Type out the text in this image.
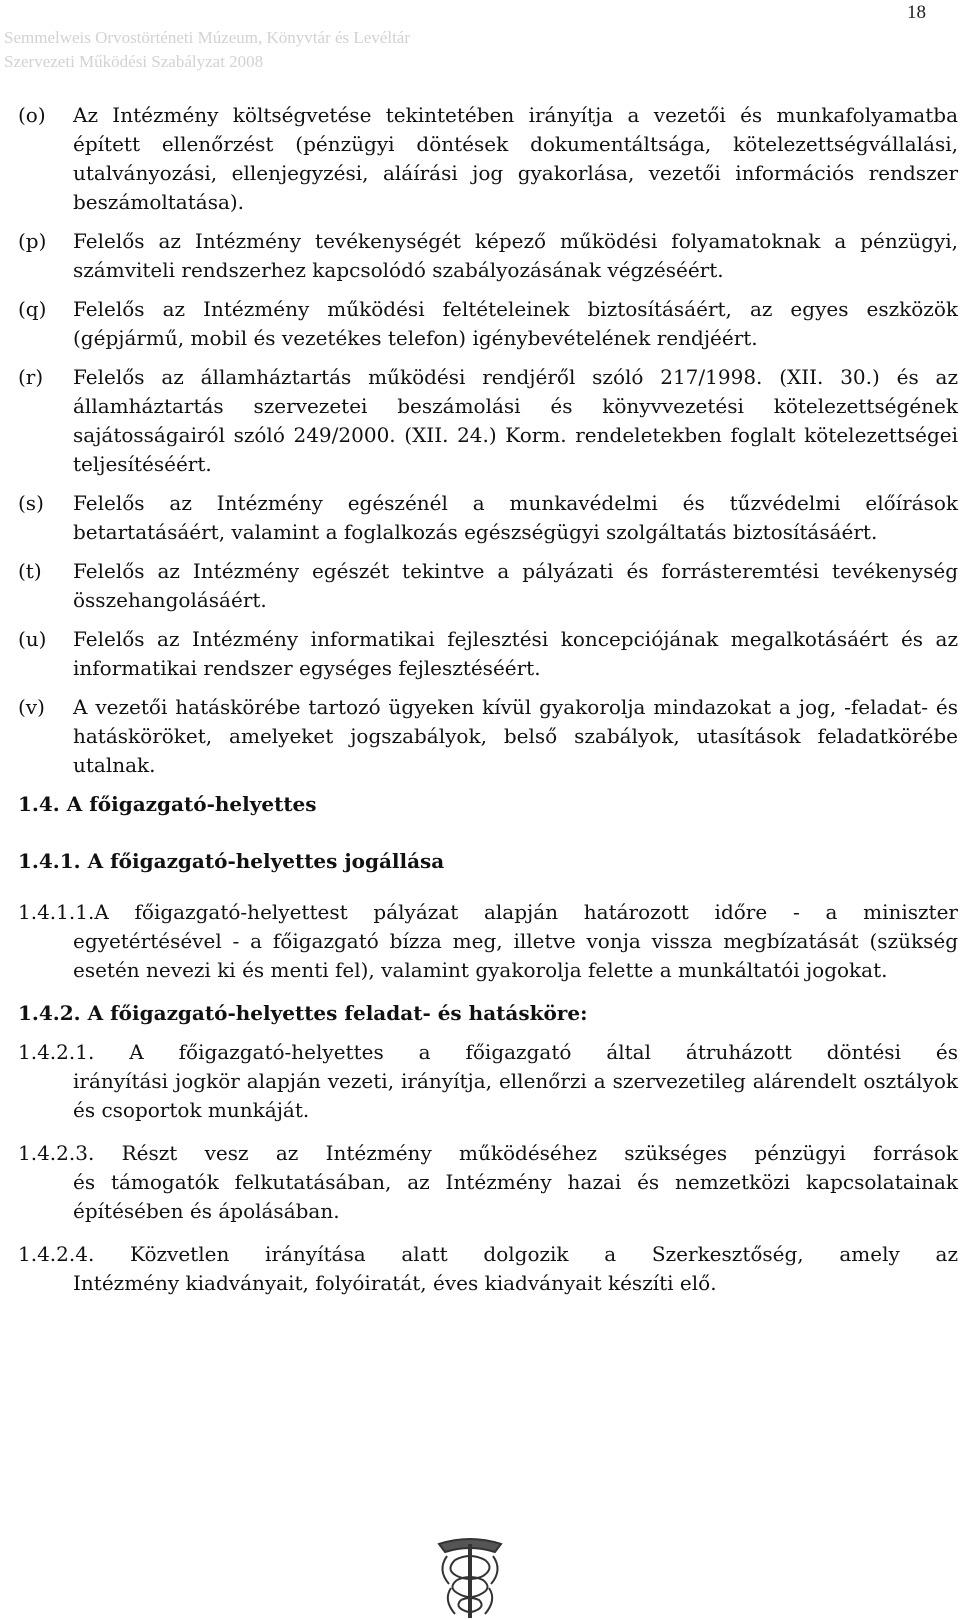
18
Semmelweis Orvostörténeti Múzeum, Könyvtár és Levéltár
Szervezeti Működési Szabályzat 2008
(o) Az Intézmény költségvetése tekintetében irányítja a vezetői és munkafolyamatba épített ellenőrzést (pénzügyi döntések dokumentáltsága, kötelezettségvállalási, utalványozási, ellenjegyzési, aláírási jog gyakorlása, vezetői információs rendszer beszámoltatása).
(p) Felelős az Intézmény tevékenységét képező működési folyamatoknak a pénzügyi, számviteli rendszerhez kapcsolódó szabályozásának végzéséért.
(q) Felelős az Intézmény működési feltételeinek biztosításáért, az egyes eszközök (gépjármű, mobil és vezetékes telefon) igénybevételének rendjéért.
(r) Felelős az államháztartás működési rendjéről szóló 217/1998. (XII. 30.) és az államháztartás szervezetei beszámolási és könyvvezetési kötelezettségének sajátosságairól szóló 249/2000. (XII. 24.) Korm. rendeletekben foglalt kötelezettségei teljesítéséért.
(s) Felelős az Intézmény egészénél a munkavédelmi és tűzvédelmi előírások betartatásáért, valamint a foglalkozás egészségügyi szolgáltatás biztosításáért.
(t) Felelős az Intézmény egészét tekintve a pályázati és forrásteremtési tevékenység összehangolásáért.
(u) Felelős az Intézmény informatikai fejlesztési koncepciójának megalkotásáért és az informatikai rendszer egységes fejlesztéséért.
(v) A vezetői hatáskörébe tartozó ügyeken kívül gyakorolja mindazokat a jog, -feladat- és hatásköröket, amelyeket jogszabályok, belső szabályok, utasítások feladatkörébe utalnak.
1.4. A főigazgató-helyettes
1.4.1. A főigazgató-helyettes jogállása
1.4.1.1.A főigazgató-helyettest pályázat alapján határozott időre - a miniszter
egyetértésével - a főigazgató bízza meg, illetve vonja vissza megbízatását (szükség esetén nevezi ki és menti fel), valamint gyakorolja felette a munkáltatói jogokat.
1.4.2. A főigazgató-helyettes feladat- és hatásköre:
1.4.2.1. A főigazgató-helyettes a főigazgató által átruházott döntési és
irányítási jogkör alapján vezeti, irányítja, ellenőrzi a szervezetileg alárendelt osztályok és csoportok munkáját.
1.4.2.3. Részt vesz az Intézmény működéséhez szükséges pénzügyi források
és támogatók felkutatásában, az Intézmény hazai és nemzetközi kapcsolatainak építésében és ápolásában.
1.4.2.4. Közvetlen irányítása alatt dolgozik a Szerkesztőség, amely az
Intézmény kiadványait, folyóiratát, éves kiadványait készíti elő.
